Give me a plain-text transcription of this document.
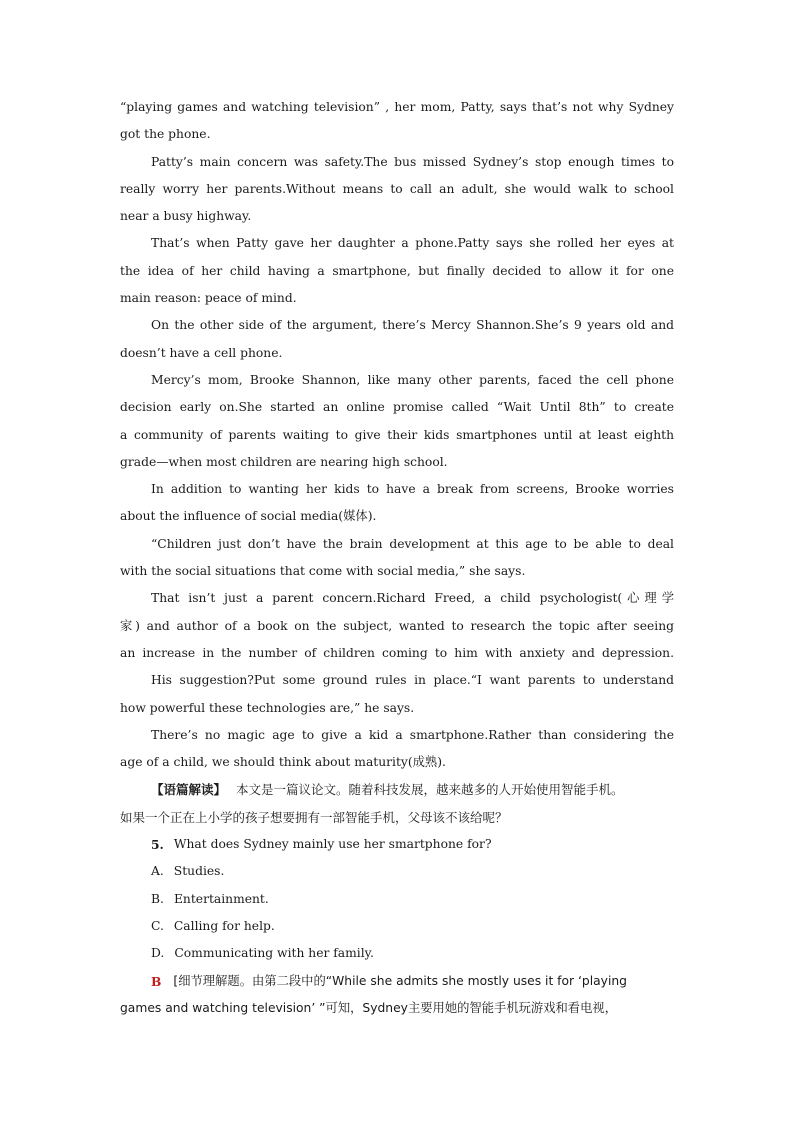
“playing games and watching television” , her mom, Patty, says that’s not why Sydney
got the phone.
Patty’s main concern was safety.The bus missed Sydney’s stop enough times to
really worry her parents.Without means to call an adult, she would walk to school
near a busy highway.
That’s when Patty gave her daughter a phone.Patty says she rolled her eyes at
the idea of her child having a smartphone, but finally decided to allow it for one
main reason: peace of mind.
On the other side of the argument, there’s Mercy Shannon.She’s 9 years old and
doesn’t have a cell phone.
Mercy’s mom, Brooke Shannon, like many other parents, faced the cell phone
decision early on.She started an online promise called “Wait Until 8th” to create
a community of parents waiting to give their kids smartphones until at least eighth
grade—when most children are nearing high school.
In addition to wanting her kids to have a break from screens, Brooke worries
about the influence of social media(媒体).
“Children just don’t have the brain development at this age to be able to deal
with the social situations that come with social media,” she says.
That isn’t just a parent concern.Richard Freed, a child psychologist(心理学
家) and author of a book on the subject, wanted to research the topic after seeing
an increase in the number of children coming to him with anxiety and depression.
His suggestion?Put some ground rules in place.“I want parents to understand
how powerful these technologies are,” he says.
There’s no magic age to give a kid a smartphone.Rather than considering the
age of a child, we should think about maturity(成熟).
【语篇解读】 本文是一篇议论文。随着科技发展，越来越多的人开始使用智能手机。
如果一个正在上小学的孩子想要拥有一部智能手机，父母该不该给呢？
5. What does Sydney mainly use her smartphone for?
A. Studies.
B. Entertainment.
C. Calling for help.
D. Communicating with her family.
B [细节理解题。由第二段中的“While she admits she mostly uses it for ‘playing
games and watching television’ ”可知，Sydney主要用她的智能手机玩游戏和看电视，
